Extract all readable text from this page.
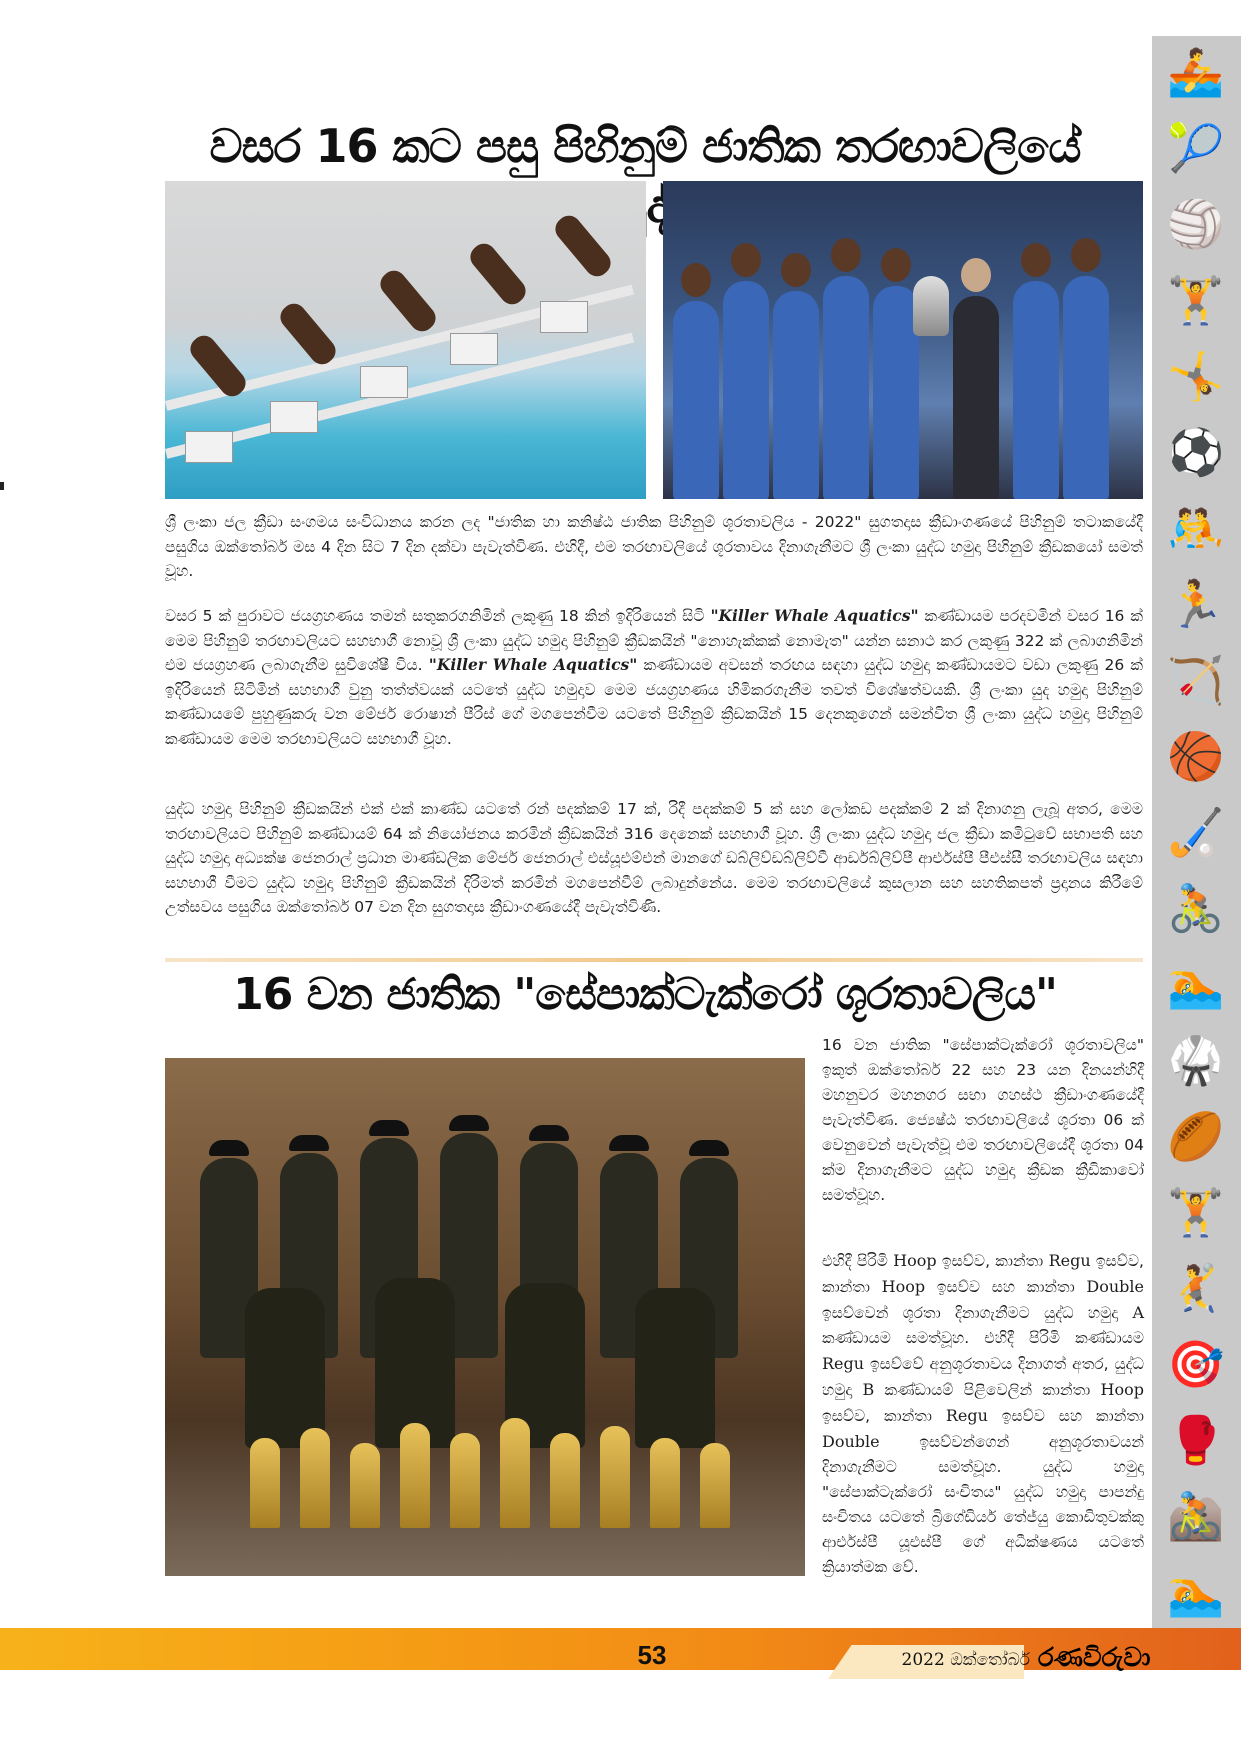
🚣
🎾
🏐
🏋
🤸
⚽
🤼
🏃
🏹
🏀
🏑
🚴
🏊
🥋
🏉
🏋
🤾
🎯
🥊
🚵
🏊
වසර 16 කට පසු පිහිනුම් ජාතික තරඟාවලියේ යුද්ධ

ශ්‍රී ලංකා ජල ක්‍රීඩා සංගමය සංවිධානය කරන ලද "ජාතික හා කනිෂ්ඨ ජාතික පිහිනුම් ශූරතාවලිය - 2022" සුගතදාස ක්‍රීඩාංගණයේ පිහිනුම් තටාකයේදී පසුගිය ඔක්තෝබර් මස 4 දින සිට 7 දින දක්වා පැවැත්විණ. එහිදී, එම තරඟාවලියේ ශූරතාවය දිනාගැනීමට ශ්‍රී ලංකා යුද්ධ හමුදා පිහිනුම් ක්‍රීඩකයෝ සමත් වූහ.

වසර 5 ක් පුරාවට ජයග්‍රහණය තමන් සතුකරගනිමින් ලකුණු 18 කින් ඉදිරියෙන් සිටි "Killer Whale Aquatics" කණ්ඩායම පරදවමින් වසර 16 ක් මෙම පිහිනුම් තරඟාවලියට සහභාගී නොවූ ශ්‍රී ලංකා යුද්ධ හමුදා පිහිනුම් ක්‍රීඩකයින් "නොහැක්කක් නොමැත" යන්න සනාථ කර ලකුණු 322 ක් ලබාගනිමින් එම ජයග්‍රහණ ලබාගැනීම සුවිශේෂී විය. "Killer Whale Aquatics" කණ්ඩායම අවසන් තරඟය සඳහා යුද්ධ හමුදා කණ්ඩායමට වඩා ලකුණු 26 ක් ඉදිරියෙන් සිටිමින් සහභාගී වුනු තත්ත්වයක් යටතේ යුද්ධ හමුදාව මෙම ජයග්‍රහණය හිමිකරගැනීම තවත් විශේෂත්වයකි. ශ්‍රී ලංකා යුද හමුදා පිහිනුම් කණ්ඩායමේ පුහුණුකරු වන මේජර් රොෂාන් පීරිස් ගේ මගපෙන්වීම යටතේ පිහිනුම් ක්‍රීඩකයින් 15 දෙනකුගෙන් සමන්විත ශ්‍රී ලංකා යුද්ධ හමුදා පිහිනුම් කණ්ඩායම මෙම තරඟාවලියට සහභාගී වූහ.

යුද්ධ හමුදා පිහිනුම් ක්‍රීඩකයින් එක් එක් කාණ්ඩ යටතේ රන් පදක්කම් 17 ක්, රිදී පදක්කම් 5 ක් සහ ලෝකඩ පදක්කම් 2 ක් දිනාගනු ලැබූ අතර, මෙම තරඟාවලියට පිහිනුම් කණ්ඩායම් 64 ක් නියෝජනය කරමින් ක්‍රීඩකයින් 316 දෙනෙක් සහභාගී වූහ. ශ්‍රී ලංකා යුද්ධ හමුදා ජල ක්‍රීඩා කමිටුවේ සභාපති සහ යුද්ධ හමුදා අධ්‍යක්ෂ ජෙනරාල් ප්‍රධාන මාණ්ඩලික මේජර් ජෙනරාල් එස්යූඑම්එන් මානගේ ඩබ්ලිව්ඩබ්ලිව්වී ආර්ඩබ්ලිව්පී ආර්එස්පී පීඑස්සී තරඟාවලිය සඳහා සහභාගී වීමට යුද්ධ හමුදා පිහිනුම් ක්‍රීඩකයින් දිරිමත් කරමින් මගපෙන්වීම් ලබාදුන්නේය. මෙම තරඟාවලියේ කුසලාන සහ සහතිකපත් ප්‍රදානය කිරීමේ උත්සවය පසුගිය ඔක්තෝබර් 07 වන දින සුගතදාස ක්‍රීඩාංගණයේදී පැවැත්විණි.

16 වන ජාතික "සේපාක්ටැක්රෝ ශූරතාවලිය"

16 වන ජාතික "සේපාක්ටැක්රෝ ශූරතාවලිය" ඉකුත් ඔක්තෝබර් 22 සහ 23 යන දිනයන්හිදී මහනුවර මහනගර සභා ගහස්ථ ක්‍රීඩාංගණයේදී පැවැත්විණ. ජ්‍යෙෂ්ඨ තරඟාවලියේ ශූරතා 06 ක් වෙනුවෙන් පැවැත්වූ එම තරඟාවලියේදී ශූරතා 04 ක්ම දිනාගැනීමට යුද්ධ හමුදා ක්‍රීඩක ක්‍රීඩිකාවෝ සමත්වූහ.

එහිදී පිරිමි Hoop ඉසව්ව, කාන්තා Regu ඉසව්ව, කාන්තා Hoop ඉසව්ව සහ කාන්තා Double ඉසව්වෙන් ශූරතා දිනාගැනීමට යුද්ධ හමුදා A කණ්ඩායම සමත්වූහ. එහිදී පිරිමි කණ්ඩායම Regu ඉසව්වේ අනුශූරතාවය දිනාගත් අතර, යුද්ධ හමුදා B කණ්ඩායම් පිළිවෙලින් කාන්තා Hoop ඉසව්ව, කාන්තා Regu ඉසව්ව සහ කාන්තා Double ඉසව්වන්ගෙන් අනුශූරතාවයන් දිනාගැනීමට සමත්වූහ. යුද්ධ හමුදා "සේපාක්ටැක්රෝ සංචිතය" යුද්ධ හමුදා පාපන්දු සංචිතය යටතේ බ්‍රිගේඩියර් තේජ්යු කොඩිතුවක්කු ආර්එස්පී යූඑස්පී ගේ අධීක්ෂණය යටතේ ක්‍රියාත්මක වේ.

53	2022 ඔක්තෝබර් රණවිරුවා
